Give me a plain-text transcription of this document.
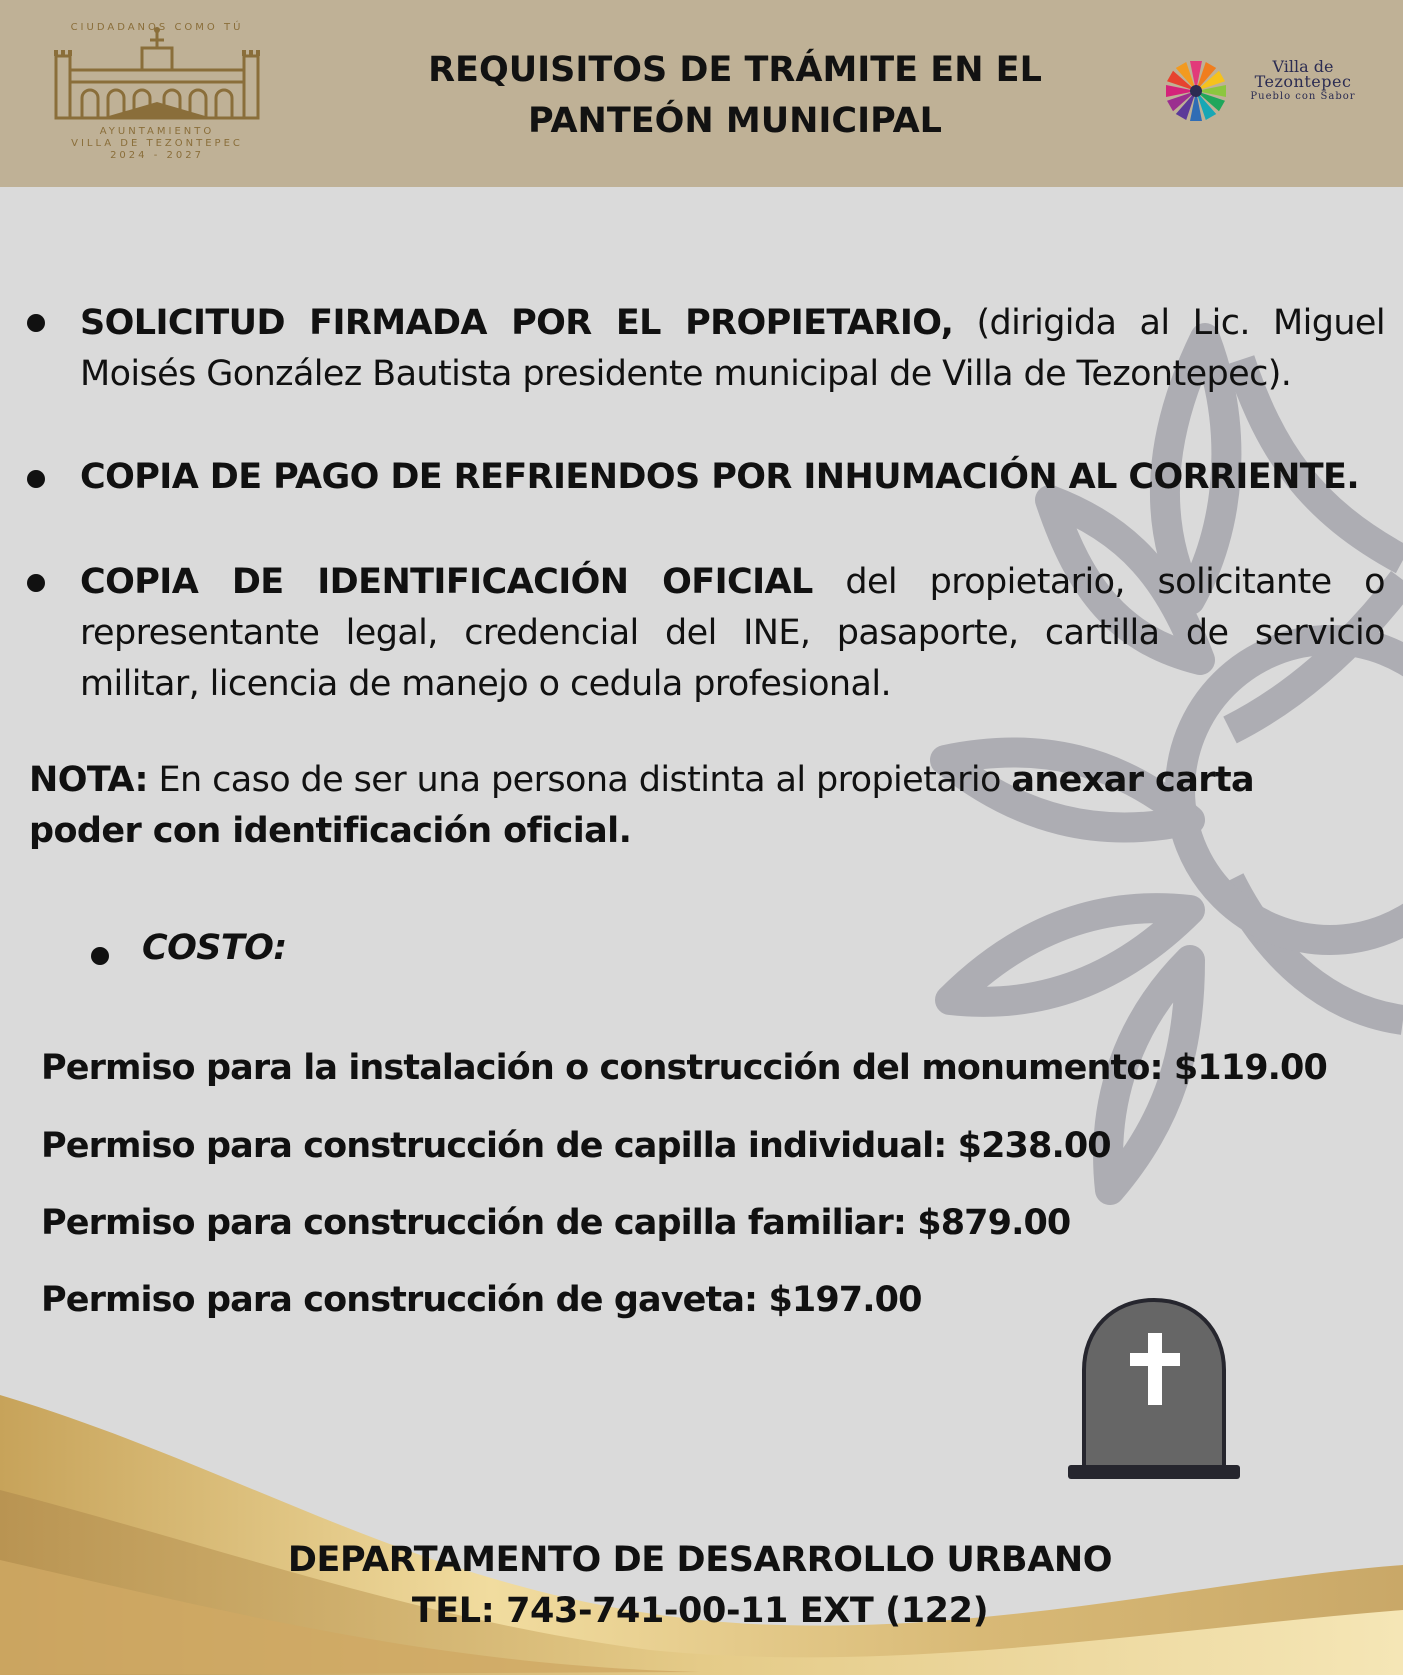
CIUDADANOS COMO TÚ
AYUNTAMIENTO
VILLA DE TEZONTEPEC
2024 - 2027
REQUISITOS DE TRÁMITE EN EL
PANTEÓN MUNICIPAL
Villa de
Tezontepec
Pueblo con Sabor
SOLICITUD FIRMADA POR EL PROPIETARIO, (dirigida al Lic. Miguel
Moisés González Bautista presidente municipal de Villa de Tezontepec).
COPIA DE PAGO DE REFRIENDOS POR INHUMACIÓN AL CORRIENTE.
COPIA DE IDENTIFICACIÓN OFICIAL del propietario, solicitante o
representante legal, credencial del INE, pasaporte, cartilla de servicio
militar, licencia de manejo o cedula profesional.
NOTA: En caso de ser una persona distinta al propietario anexar carta
poder con identificación oficial.
COSTO:
Permiso para la instalación o construcción del monumento: $119.00
Permiso para construcción de capilla individual: $238.00
Permiso para construcción de capilla familiar: $879.00
Permiso para construcción de gaveta: $197.00
DEPARTAMENTO DE DESARROLLO URBANO
TEL: 743-741-00-11 EXT (122)
